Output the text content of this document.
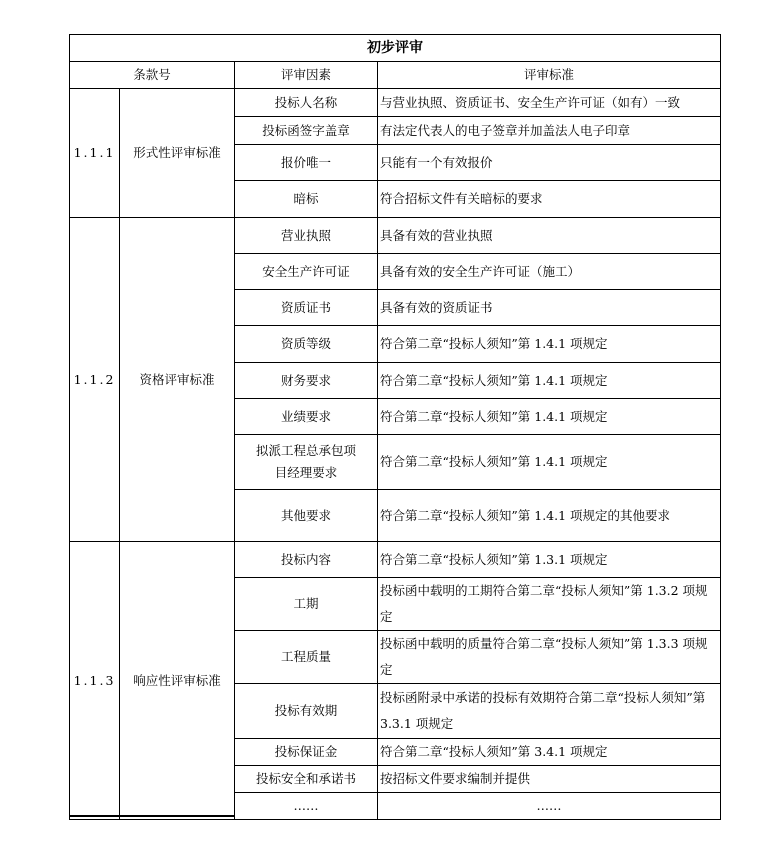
初步评审			
条款号		评审因素	评审标准
1.1.1	形式性评审标准	投标人名称	与营业执照、资质证书、安全生产许可证（如有）一致
		投标函签字盖章	有法定代表人的电子签章并加盖法人电子印章
		报价唯一	只能有一个有效报价
		暗标	符合招标文件有关暗标的要求
1.1.2	资格评审标准	营业执照	具备有效的营业执照
		安全生产许可证	具备有效的安全生产许可证（施工）
		资质证书	具备有效的资质证书
		资质等级	符合第二章“投标人须知”第 1.4.1 项规定
		财务要求	符合第二章“投标人须知”第 1.4.1 项规定
		业绩要求	符合第二章“投标人须知”第 1.4.1 项规定
		拟派工程总承包项目经理要求	符合第二章“投标人须知”第 1.4.1 项规定
		其他要求	符合第二章“投标人须知”第 1.4.1 项规定的其他要求
1.1.3	响应性评审标准	投标内容	符合第二章“投标人须知”第 1.3.1 项规定
		工期	投标函中载明的工期符合第二章“投标人须知”第 1.3.2 项规定
		工程质量	投标函中载明的质量符合第二章“投标人须知”第 1.3.3 项规定
		投标有效期	投标函附录中承诺的投标有效期符合第二章“投标人须知”第 3.3.1 项规定
		投标保证金	符合第二章“投标人须知”第 3.4.1 项规定
		投标安全和承诺书	按招标文件要求编制并提供
		……	……
